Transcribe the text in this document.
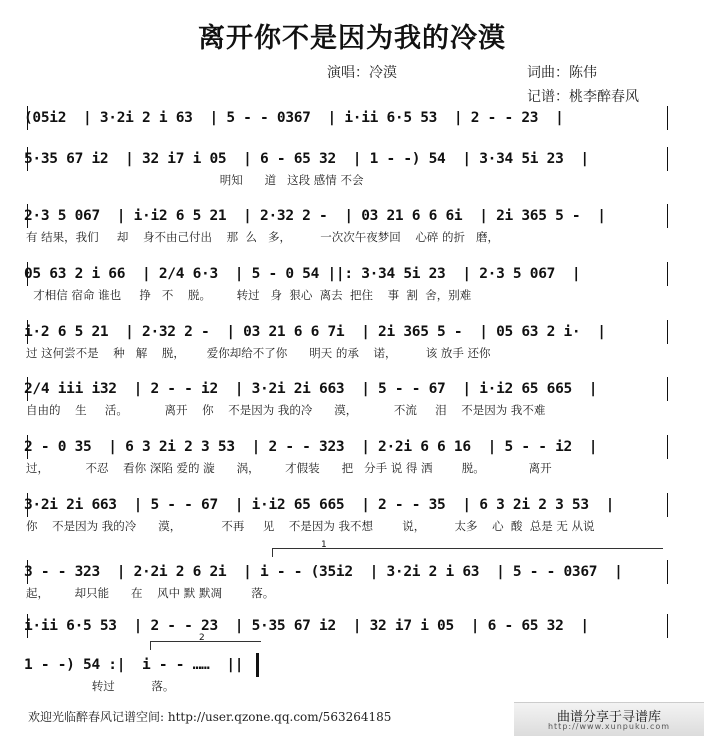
离开你不是因为我的冷漠
演唱：冷漠	词曲：陈伟
记谱：桃李醉春风
(05i2  | 3·2i 2 i 63  | 5 - - 0367  | i·ii 6·5 53  | 2 - - 23  |
5·35 67 i2  | 32 i7 i 05  | 6 - 65 32  | 1 - -) 54  | 3·34 5i 23  |
明知      道   这段 感情 不会
2·3 5 067  | i·i2 6 5 21  | 2·32 2 -  | 03 21 6 6 6i  | 2i 365 5 -  |
有 结果，我们     却    身不由己付出    那  么   多，        一次次午夜梦回    心碎 的折   磨，
05 63 2 i 66  | 2/4 6·3  | 5 - 0 54 ||: 3·34 5i 23  | 2·3 5 067  |
才相信 宿命 谁也     挣   不    脱。       转过   身  狠心  离去  把住    事  割  舍，别难
i·2 6 5 21  | 2·32 2 -  | 03 21 6 6 7i  | 2i 365 5 -  | 05 63 2 i·  |
过 这何尝不是    种   解    脱，      爱你却给不了你      明天 的承    诺，        该 放手 还你
2/4 iii i32  | 2 - - i2  | 3·2i 2i 663  | 5 - - 67  | i·i2 65 665  |
自由的    生     活。          离开    你    不是因为 我的冷      漠，          不流     泪    不是因为 我不难
2 - 0 35  | 6 3 2i 2 3 53  | 2 - - 323  | 2·2i 6 6 16  | 5 - - i2  |
过，          不忍    看你 深陷 爱的 漩      涡，       才假装      把   分手 说 得 洒        脱。            离开
3·2i 2i 663  | 5 - - 67  | i·i2 65 665  | 2 - - 35  | 6 3 2i 2 3 53  |
你    不是因为 我的冷      漠，           不再     见    不是因为 我不想        说，        太多    心  酸  总是 无 从说
1
3 - - 323  | 2·2i 2 6 2i  | i - - (35i2  | 3·2i 2 i 63  | 5 - - 0367  |
起，       却只能      在    风中 默 默凋        落。
i·ii 6·5 53  | 2 - - 23  | 5·35 67 i2  | 32 i7 i 05  | 6 - 65 32  |
2
1 - -) 54 :|  i - - ……  ||
转过          落。
欢迎光临醉春风记谱空间: http://user.qzone.qq.com/563264185	曲谱分享于寻谱库
http://www.xunpuku.com
